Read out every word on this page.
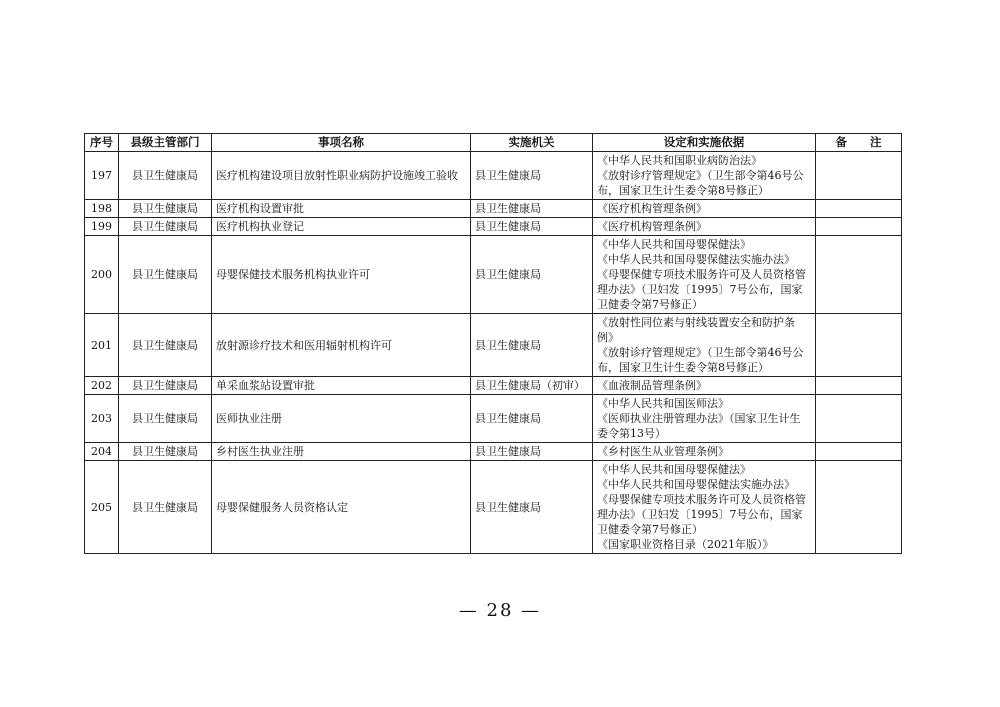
序号	县级主管部门	事项名称	实施机关	设定和实施依据	备　　注
197	县卫生健康局	医疗机构建设项目放射性职业病防护设施竣工验收	县卫生健康局	《中华人民共和国职业病防治法》
《放射诊疗管理规定》（卫生部令第46号公布，国家卫生计生委令第8号修正）	

198	县卫生健康局	医疗机构设置审批	县卫生健康局	《医疗机构管理条例》	

199	县卫生健康局	医疗机构执业登记	县卫生健康局	《医疗机构管理条例》	

200	县卫生健康局	母婴保健技术服务机构执业许可	县卫生健康局	《中华人民共和国母婴保健法》
《中华人民共和国母婴保健法实施办法》
《母婴保健专项技术服务许可及人员资格管理办法》（卫妇发〔1995〕7号公布，国家卫健委令第7号修正）	

201	县卫生健康局	放射源诊疗技术和医用辐射机构许可	县卫生健康局	《放射性同位素与射线装置安全和防护条例》
《放射诊疗管理规定》（卫生部令第46号公布，国家卫生计生委令第8号修正）	

202	县卫生健康局	单采血浆站设置审批	县卫生健康局（初审）	《血液制品管理条例》	

203	县卫生健康局	医师执业注册	县卫生健康局	《中华人民共和国医师法》
《医师执业注册管理办法》（国家卫生计生委令第13号）	

204	县卫生健康局	乡村医生执业注册	县卫生健康局	《乡村医生从业管理条例》	

205	县卫生健康局	母婴保健服务人员资格认定	县卫生健康局	《中华人民共和国母婴保健法》
《中华人民共和国母婴保健法实施办法》
《母婴保健专项技术服务许可及人员资格管理办法》（卫妇发〔1995〕7号公布，国家卫健委令第7号修正）
《国家职业资格目录（2021年版）》	

— 28 —
